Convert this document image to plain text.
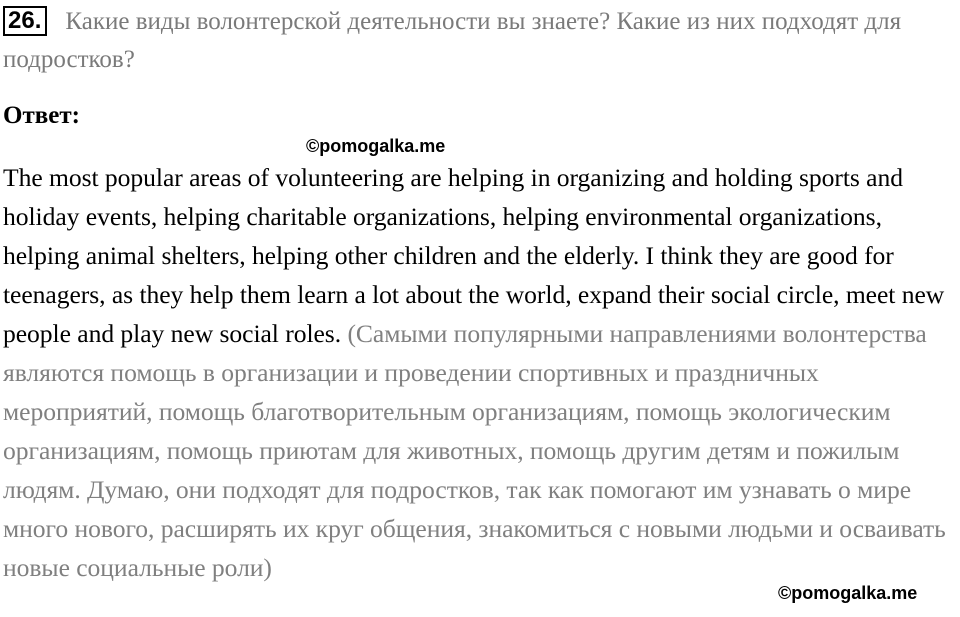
26. Какие виды волонтерской деятельности вы знаете? Какие из них подходят для подростков?

Ответ:

©pomogalka.me

The most popular areas of volunteering are helping in organizing and holding sports and holiday events, helping charitable organizations, helping environmental organizations, helping animal shelters, helping other children and the elderly. I think they are good for teenagers, as they help them learn a lot about the world, expand their social circle, meet new people and play new social roles. (Самыми популярными направлениями волонтерства являются помощь в организации и проведении спортивных и праздничных мероприятий, помощь благотворительным организациям, помощь экологическим организациям, помощь приютам для животных, помощь другим детям и пожилым людям. Думаю, они подходят для подростков, так как помогают им узнавать о мире много нового, расширять их круг общения, знакомиться с новыми людьми и осваивать новые социальные роли)

©pomogalka.me
